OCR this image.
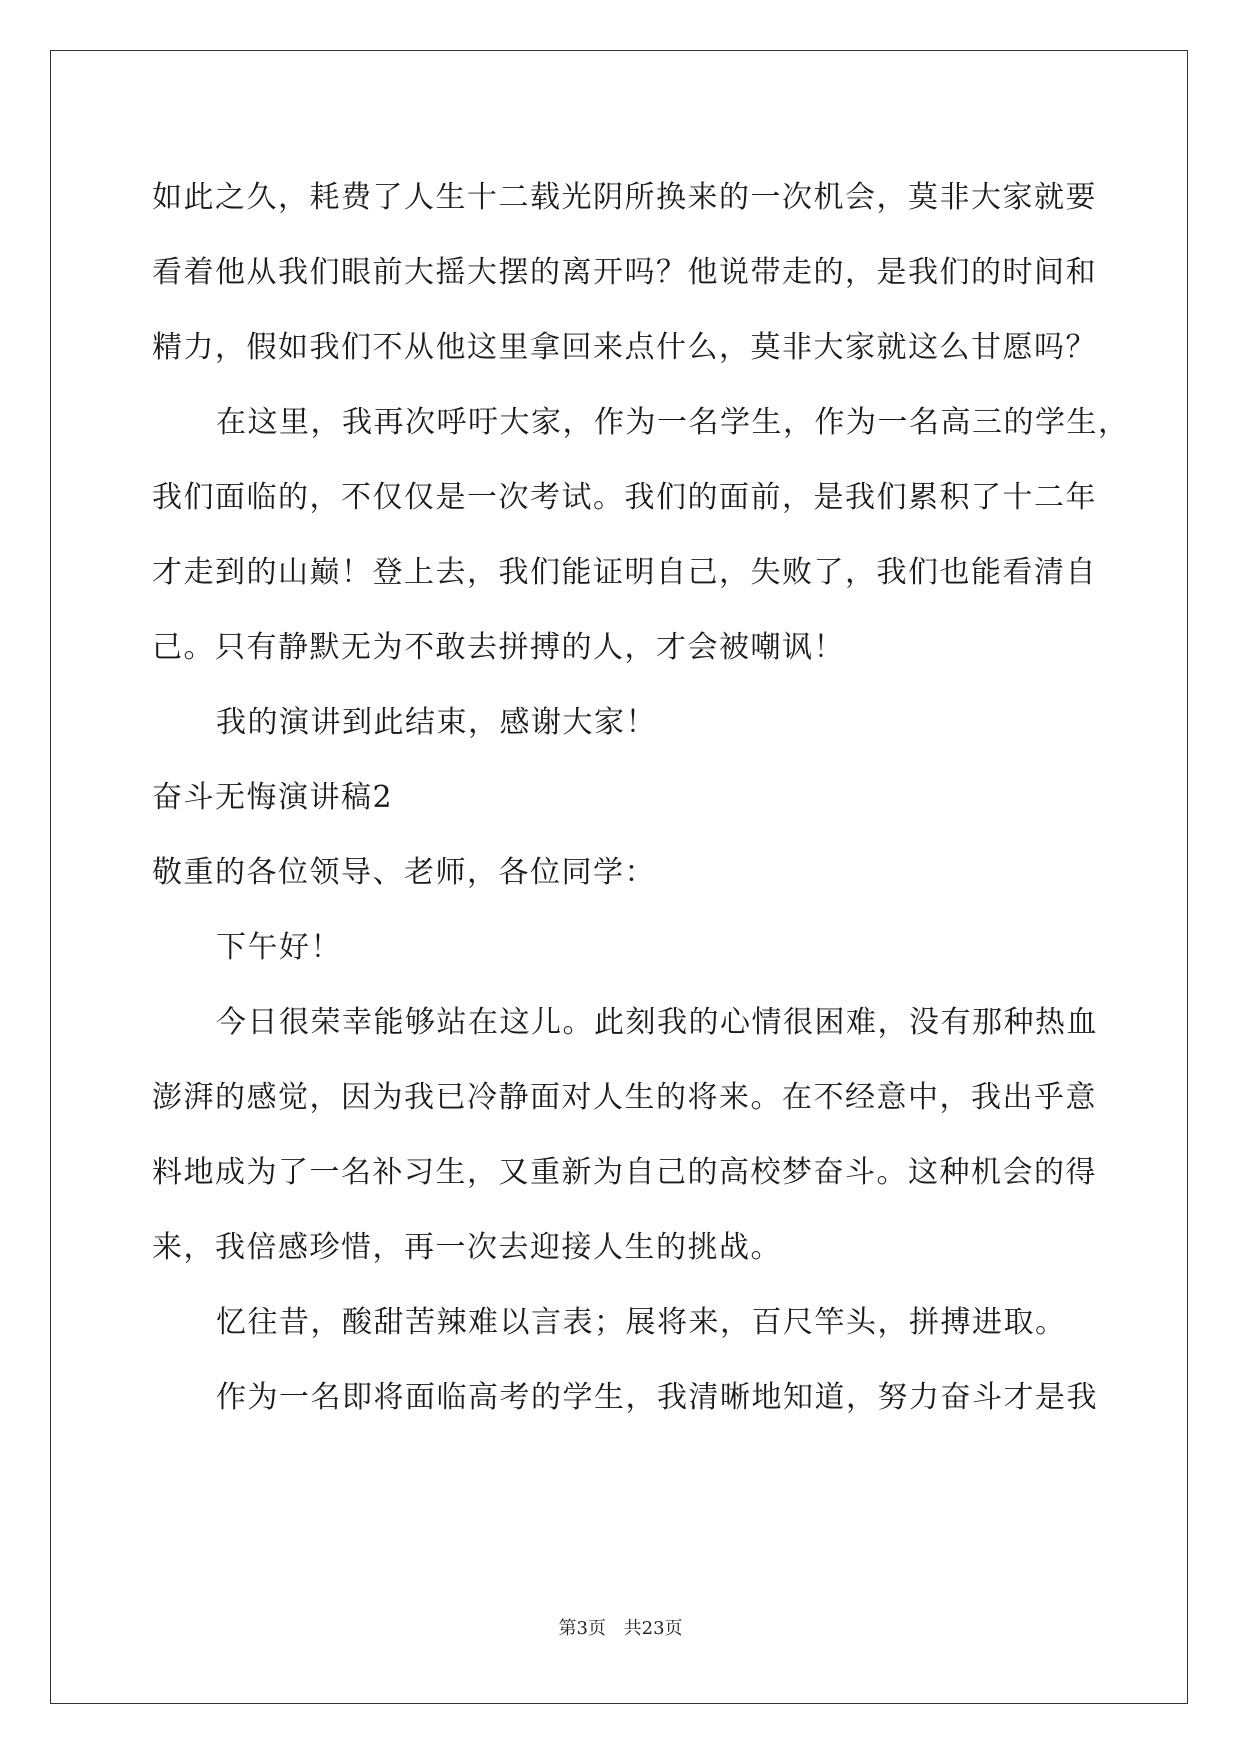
如此之久，耗费了人生十二载光阴所换来的一次机会，莫非大家就要
看着他从我们眼前大摇大摆的离开吗？他说带走的，是我们的时间和
精力，假如我们不从他这里拿回来点什么，莫非大家就这么甘愿吗？
在这里，我再次呼吁大家，作为一名学生，作为一名高三的学生，
我们面临的，不仅仅是一次考试。我们的面前，是我们累积了十二年
才走到的山巅！登上去，我们能证明自己，失败了，我们也能看清自
己。只有静默无为不敢去拼搏的人，才会被嘲讽！
我的演讲到此结束，感谢大家！
奋斗无悔演讲稿2
敬重的各位领导、老师，各位同学：
下午好！
今日很荣幸能够站在这儿。此刻我的心情很困难，没有那种热血
澎湃的感觉，因为我已冷静面对人生的将来。在不经意中，我出乎意
料地成为了一名补习生，又重新为自己的高校梦奋斗。这种机会的得
来，我倍感珍惜，再一次去迎接人生的挑战。
忆往昔，酸甜苦辣难以言表；展将来，百尺竿头，拼搏进取。
作为一名即将面临高考的学生，我清晰地知道，努力奋斗才是我
第3页 共23页
